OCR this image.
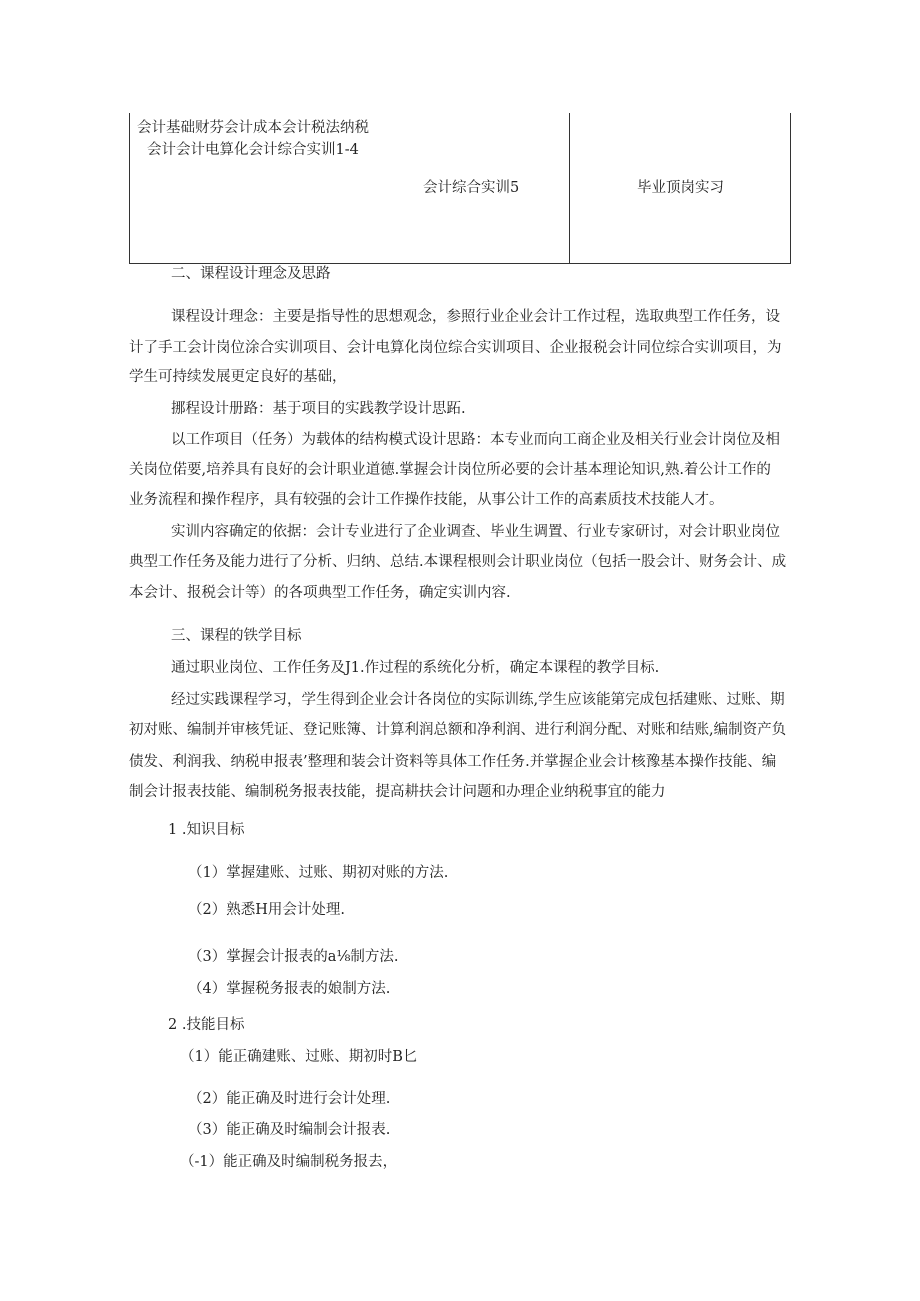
会计基础财芬会计成本会计税法纳税
会计会计电算化会计综合实训1-4
会计综合实训5	毕业顶岗实习
二、课程设计理念及思路
课程设计理念：主要是指导性的思想观念，参照行业企业会计工作过程，选取典型工作任务，设
计了手工会计岗位涂合实训项目、会计电算化岗位综合实训项目、企业报税会计同位综合实训项目，为
学生可持续发展更定良好的基础，
挪程设计册路：基于项目的实践教学设计思跖.
以工作项目（任务）为载体的结构模式设计思路：本专业而向工商企业及相关行业会计岗位及相
关岗位偌要,培养具有良好的会计职业道德.掌握会计岗位所必要的会计基本理论知识,熟.着公计工作的
业务流程和操作程序，具有较强的会计工作操作技能，从事公计工作的高素质技术技能人才。
实训内容确定的依据：会计专业进行了企业调查、毕业生调置、行业专家研讨，对会计职业岗位
典型工作任务及能力进行了分析、归纳、总结.本课程根则会计职业岗位（包括一股会计、财务会计、成
本会计、报税会计等）的各项典型工作任务，确定实训内容.
三、课程的铁学目标
通过职业岗位、工作任务及J1.作过程的系统化分析，确定本课程的教学目标.
经过实践课程学习，学生得到企业会计各岗位的实际训练,学生应该能第完成包括建账、过账、期
初对账、编制并审核凭证、登记账簿、计算利润总额和净利润、进行利润分配、对账和结账,编制资产负
债发、利润我、纳税申报表’整理和装会计资料等具体工作任务.并掌握企业会计核豫基本操作技能、编
制会计报表技能、编制税务报表技能，提高耕扶会计问题和办理企业纳税事宜的能力
1 .知识目标
（1）掌握建账、过账、期初对账的方法.
（2）熟悉H用会计处理.
（3）掌握会计报表的a⅛制方法.
（4）掌握税务报表的娘制方法.
2 .技能目标
（1）能正确建账、过账、期初时B匕
（2）能正确及时进行会计处理.
（3）能正确及时编制会计报表.
（-1）能正确及时编制税务报去，
